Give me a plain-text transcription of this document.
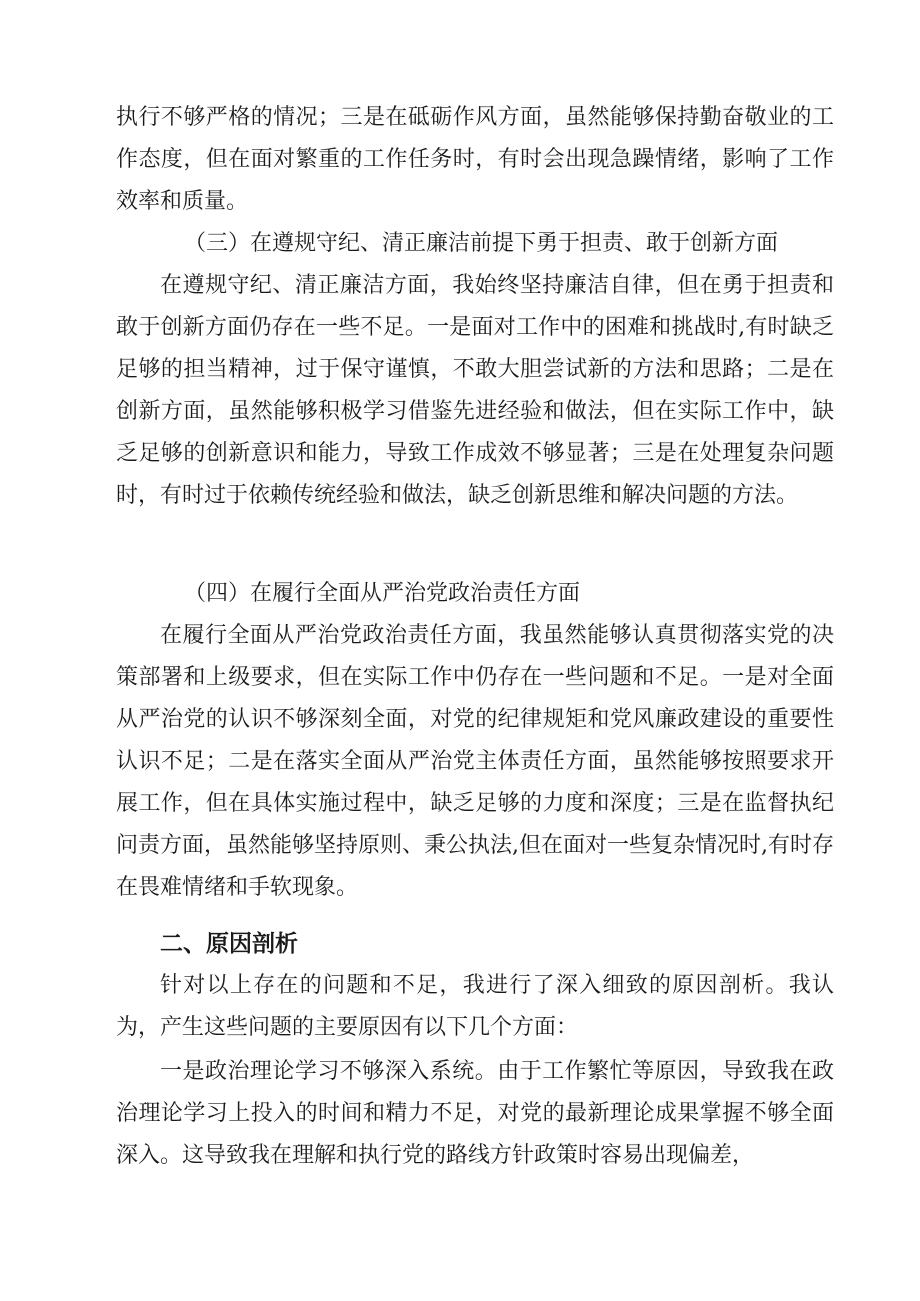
执行不够严格的情况；三是在砥砺作风方面，虽然能够保持勤奋敬业的工作态度，但在面对繁重的工作任务时，有时会出现急躁情绪，影响了工作效率和质量。

（三）在遵规守纪、清正廉洁前提下勇于担责、敢于创新方面

在遵规守纪、清正廉洁方面，我始终坚持廉洁自律，但在勇于担责和敢于创新方面仍存在一些不足。一是面对工作中的困难和挑战时,有时缺乏足够的担当精神，过于保守谨慎，不敢大胆尝试新的方法和思路；二是在创新方面，虽然能够积极学习借鉴先进经验和做法，但在实际工作中，缺乏足够的创新意识和能力，导致工作成效不够显著；三是在处理复杂问题时，有时过于依赖传统经验和做法，缺乏创新思维和解决问题的方法。

（四）在履行全面从严治党政治责任方面

在履行全面从严治党政治责任方面，我虽然能够认真贯彻落实党的决策部署和上级要求，但在实际工作中仍存在一些问题和不足。一是对全面从严治党的认识不够深刻全面，对党的纪律规矩和党风廉政建设的重要性认识不足；二是在落实全面从严治党主体责任方面，虽然能够按照要求开展工作，但在具体实施过程中，缺乏足够的力度和深度；三是在监督执纪问责方面，虽然能够坚持原则、秉公执法,但在面对一些复杂情况时,有时存在畏难情绪和手软现象。

二、原因剖析

针对以上存在的问题和不足，我进行了深入细致的原因剖析。我认为，产生这些问题的主要原因有以下几个方面：

一是政治理论学习不够深入系统。由于工作繁忙等原因，导致我在政治理论学习上投入的时间和精力不足，对党的最新理论成果掌握不够全面深入。这导致我在理解和执行党的路线方针政策时容易出现偏差，
